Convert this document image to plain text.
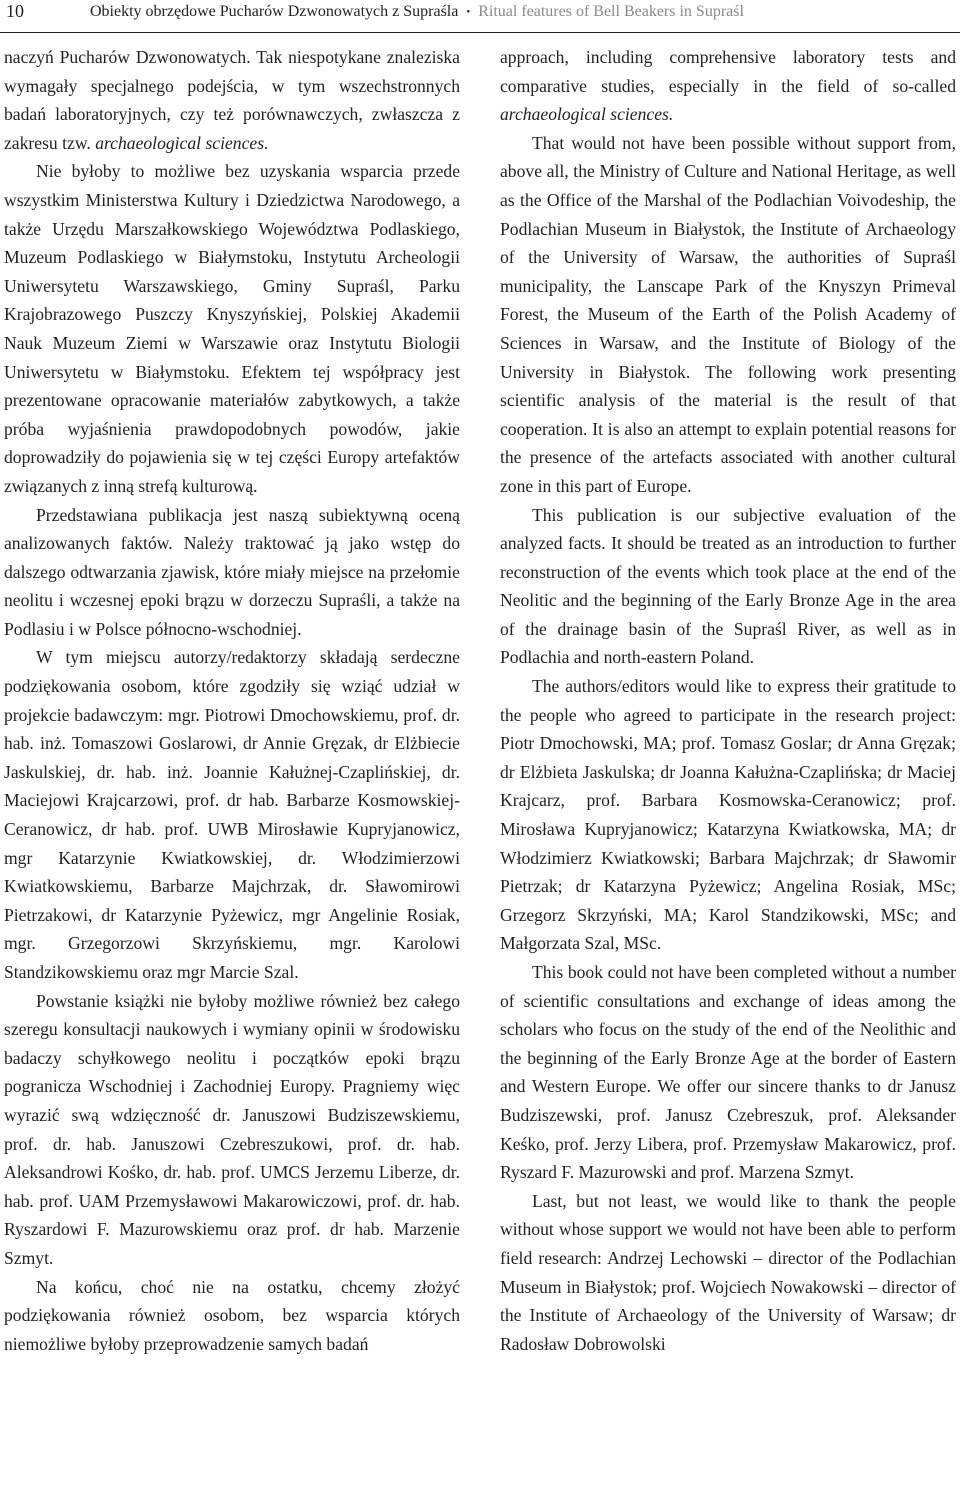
10	Obiekty obrzędowe Pucharów Dzwonowatych z Supraśla • Ritual features of Bell Beakers in Supraśl

naczyń Pucharów Dzwonowatych. Tak niespotykane znaleziska wymagały specjalnego podejścia, w tym wszechstronnych badań laboratoryjnych, czy też porównawczych, zwłaszcza z zakresu tzw. archaeological sciences.

Nie byłoby to możliwe bez uzyskania wsparcia przede wszystkim Ministerstwa Kultury i Dziedzictwa Narodowego, a także Urzędu Marszałkowskiego Województwa Podlaskiego, Muzeum Podlaskiego w Białymstoku, Instytutu Archeologii Uniwersytetu Warszawskiego, Gminy Supraśl, Parku Krajobrazowego Puszczy Knyszyńskiej, Polskiej Akademii Nauk Muzeum Ziemi w Warszawie oraz Instytutu Biologii Uniwersytetu w Białymstoku. Efektem tej współpracy jest prezentowane opracowanie materiałów zabytkowych, a także próba wyjaśnienia prawdopodobnych powodów, jakie doprowadziły do pojawienia się w tej części Europy artefaktów związanych z inną strefą kulturową.

Przedstawiana publikacja jest naszą subiektywną oceną analizowanych faktów. Należy traktować ją jako wstęp do dalszego odtwarzania zjawisk, które miały miejsce na przełomie neolitu i wczesnej epoki brązu w dorzeczu Supraśli, a także na Podlasiu i w Polsce północno-wschodniej.

W tym miejscu autorzy/redaktorzy składają serdeczne podziękowania osobom, które zgodziły się wziąć udział w projekcie badawczym: mgr. Piotrowi Dmochowskiemu, prof. dr. hab. inż. Tomaszowi Goslarowi, dr Annie Gręzak, dr Elżbiecie Jaskulskiej, dr. hab. inż. Joannie Kałużnej-Czaplińskiej, dr. Maciejowi Krajcarzowi, prof. dr hab. Barbarze Kosmowskiej-Ceranowicz, dr hab. prof. UWB Mirosławie Kupryjanowicz, mgr Katarzynie Kwiatkowskiej, dr. Włodzimierzowi Kwiatkowskiemu, Barbarze Majchrzak, dr. Sławomirowi Pietrzakowi, dr Katarzynie Pyżewicz, mgr Angelinie Rosiak, mgr. Grzegorzowi Skrzyńskiemu, mgr. Karolowi Standzikowskiemu oraz mgr Marcie Szal.

Powstanie książki nie byłoby możliwe również bez całego szeregu konsultacji naukowych i wymiany opinii w środowisku badaczy schyłkowego neolitu i początków epoki brązu pogranicza Wschodniej i Zachodniej Europy. Pragniemy więc wyrazić swą wdzięczność dr. Januszowi Budziszewskiemu, prof. dr. hab. Januszowi Czebreszukowi, prof. dr. hab. Aleksandrowi Kośko, dr. hab. prof. UMCS Jerzemu Liberze, dr. hab. prof. UAM Przemysławowi Makarowiczowi, prof. dr. hab. Ryszardowi F. Mazurowskiemu oraz prof. dr hab. Marzenie Szmyt.

Na końcu, choć nie na ostatku, chcemy złożyć podziękowania również osobom, bez wsparcia których niemożliwe byłoby przeprowadzenie samych badań

approach, including comprehensive laboratory tests and comparative studies, especially in the field of so-called archaeological sciences.

That would not have been possible without support from, above all, the Ministry of Culture and National Heritage, as well as the Office of the Marshal of the Podlachian Voivodeship, the Podlachian Museum in Białystok, the Institute of Archaeology of the University of Warsaw, the authorities of Supraśl municipality, the Lanscape Park of the Knyszyn Primeval Forest, the Museum of the Earth of the Polish Academy of Sciences in Warsaw, and the Institute of Biology of the University in Białystok. The following work presenting scientific analysis of the material is the result of that cooperation. It is also an attempt to explain potential reasons for the presence of the artefacts associated with another cultural zone in this part of Europe.

This publication is our subjective evaluation of the analyzed facts. It should be treated as an introduction to further reconstruction of the events which took place at the end of the Neolitic and the beginning of the Early Bronze Age in the area of the drainage basin of the Supraśl River, as well as in Podlachia and north-eastern Poland.

The authors/editors would like to express their gratitude to the people who agreed to participate in the research project: Piotr Dmochowski, MA; prof. Tomasz Goslar; dr Anna Gręzak; dr Elżbieta Jaskulska; dr Joanna Kałużna-Czaplińska; dr Maciej Krajcarz, prof. Barbara Kosmowska-Ceranowicz; prof. Mirosława Kupryjanowicz; Katarzyna Kwiatkowska, MA; dr Włodzimierz Kwiatkowski; Barbara Majchrzak; dr Sławomir Pietrzak; dr Katarzyna Pyżewicz; Angelina Rosiak, MSc; Grzegorz Skrzyński, MA; Karol Standzikowski, MSc; and Małgorzata Szal, MSc.

This book could not have been completed without a number of scientific consultations and exchange of ideas among the scholars who focus on the study of the end of the Neolithic and the beginning of the Early Bronze Age at the border of Eastern and Western Europe. We offer our sincere thanks to dr Janusz Budziszewski, prof. Janusz Czebreszuk, prof. Aleksander Keśko, prof. Jerzy Libera, prof. Przemysław Makarowicz, prof. Ryszard F. Mazurowski and prof. Marzena Szmyt.

Last, but not least, we would like to thank the people without whose support we would not have been able to perform field research: Andrzej Lechowski – director of the Podlachian Museum in Białystok; prof. Wojciech Nowakowski – director of the Institute of Archaeology of the University of Warsaw; dr Radosław Dobrowolski
